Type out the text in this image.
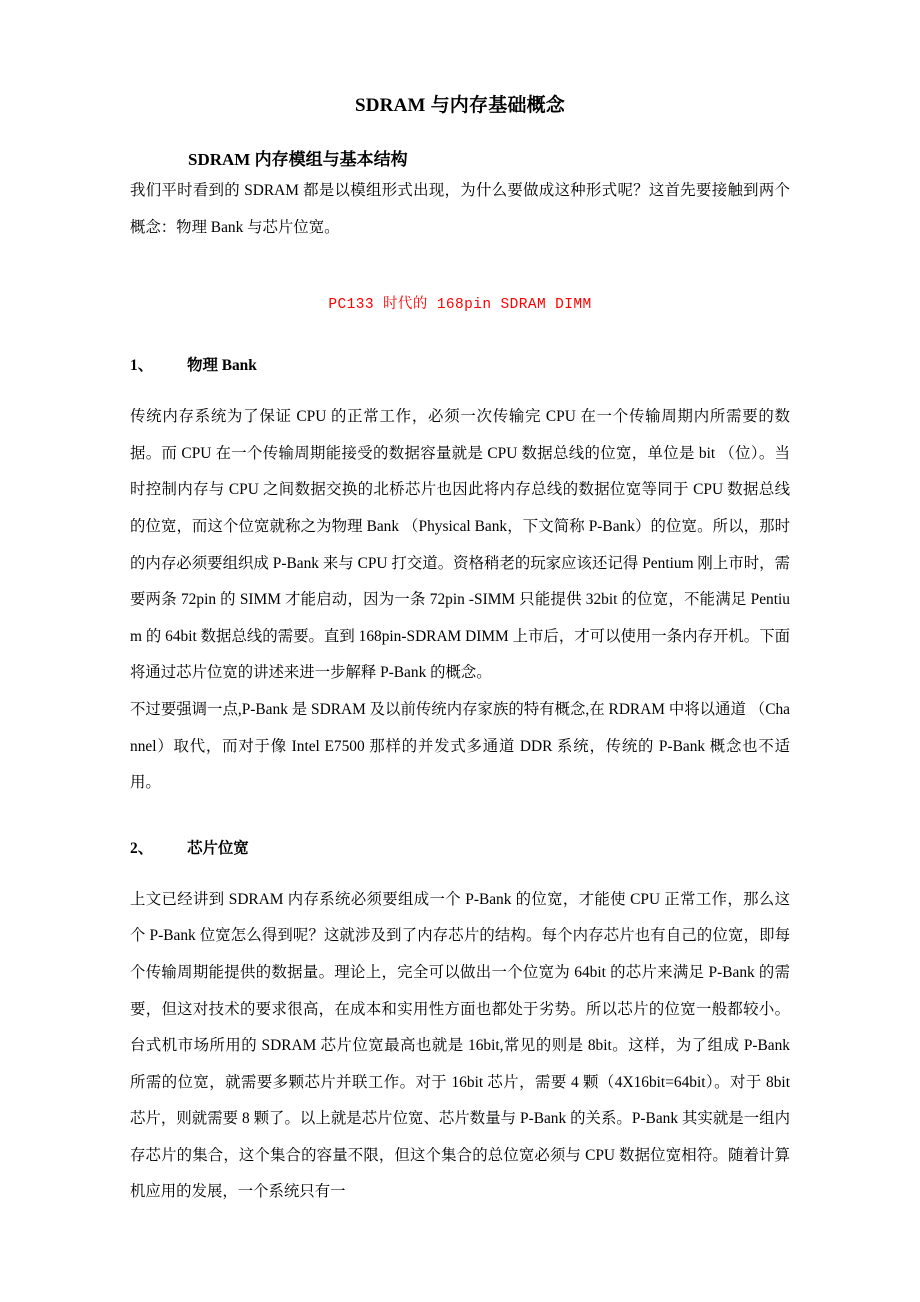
SDRAM 与内存基础概念
SDRAM 内存模组与基本结构

我们平时看到的 SDRAM 都是以模组形式出现，为什么要做成这种形式呢？这首先要接触到两个概念：物理 Bank 与芯片位宽。

PC133 时代的 168pin SDRAM DIMM

1、 物理 Bank

传统内存系统为了保证 CPU 的正常工作，必须一次传输完 CPU 在一个传输周期内所需要的数据。而 CPU 在一个传输周期能接受的数据容量就是 CPU 数据总线的位宽，单位是 bit （位）。当时控制内存与 CPU 之间数据交换的北桥芯片也因此将内存总线的数据位宽等同于 CPU 数据总线的位宽，而这个位宽就称之为物理 Bank （Physical Bank，下文简称 P-Bank）的位宽。所以，那时的内存必须要组织成 P-Bank 来与 CPU 打交道。资格稍老的玩家应该还记得 Pentium 刚上市时，需要两条 72pin 的 SIMM 才能启动，因为一条 72pin -SIMM 只能提供 32bit 的位宽，不能满足 Pentium 的 64bit 数据总线的需要。直到 168pin-SDRAM DIMM 上市后，才可以使用一条内存开机。下面将通过芯片位宽的讲述来进一步解释 P-Bank 的概念。

不过要强调一点,P-Bank 是 SDRAM 及以前传统内存家族的特有概念,在 RDRAM 中将以通道 （Channel）取代，而对于像 Intel E7500 那样的并发式多通道 DDR 系统，传统的 P-Bank 概念也不适用。

2、 芯片位宽

上文已经讲到 SDRAM 内存系统必须要组成一个 P-Bank 的位宽，才能使 CPU 正常工作，那么这个 P-Bank 位宽怎么得到呢？这就涉及到了内存芯片的结构。每个内存芯片也有自己的位宽，即每个传输周期能提供的数据量。理论上，完全可以做出一个位宽为 64bit 的芯片来满足 P-Bank 的需要，但这对技术的要求很高，在成本和实用性方面也都处于劣势。所以芯片的位宽一般都较小。台式机市场所用的 SDRAM 芯片位宽最高也就是 16bit,常见的则是 8bit。这样，为了组成 P-Bank 所需的位宽，就需要多颗芯片并联工作。对于 16bit 芯片，需要 4 颗（4X16bit=64bit）。对于 8bit 芯片，则就需要 8 颗了。以上就是芯片位宽、芯片数量与 P-Bank 的关系。P-Bank 其实就是一组内存芯片的集合，这个集合的容量不限，但这个集合的总位宽必须与 CPU 数据位宽相符。随着计算机应用的发展，一个系统只有一
